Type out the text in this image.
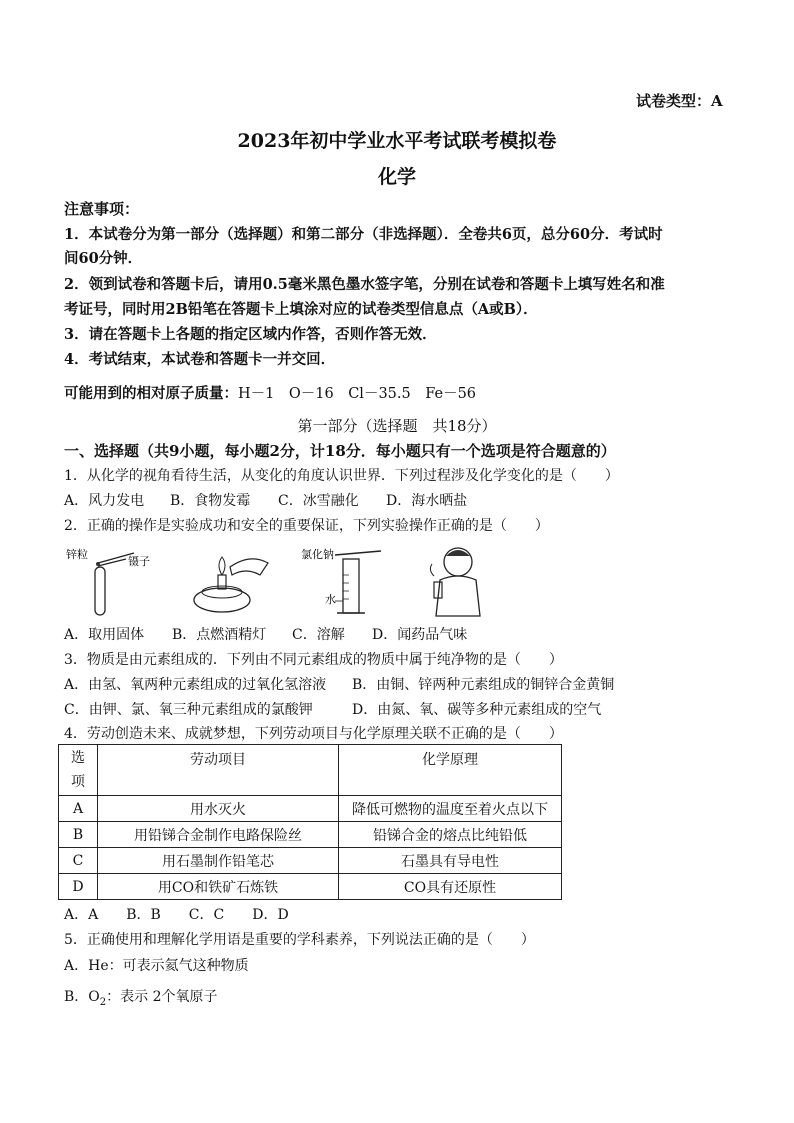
试卷类型：A
2023年初中学业水平考试联考模拟卷
化学
注意事项：
1．本试卷分为第一部分（选择题）和第二部分（非选择题）．全卷共6页，总分60分．考试时
间60分钟．
2．领到试卷和答题卡后，请用0.5毫米黑色墨水签字笔，分别在试卷和答题卡上填写姓名和准
考证号，同时用2B铅笔在答题卡上填涂对应的试卷类型信息点（A或B）．
3．请在答题卡上各题的指定区域内作答，否则作答无效．
4．考试结束，本试卷和答题卡一并交回．
可能用到的相对原子质量：H－1　O－16　Cl－35.5　Fe－56
第一部分（选择题　共18分）
一、选择题（共9小题，每小题2分，计18分．每小题只有一个选项是符合题意的）
1．从化学的视角看待生活，从变化的角度认识世界．下列过程涉及化学变化的是（　　）
A．风力发电 B．食物发霉 C．冰雪融化 D．海水晒盐
2．正确的操作是实验成功和安全的重要保证，下列实验操作正确的是（　　）
锌粒
镊子
氯化钠
水
A．取用固体 B．点燃酒精灯 C．溶解 D．闻药品气味
3．物质是由元素组成的．下列由不同元素组成的物质中属于纯净物的是（　　）
A．由氢、氧两种元素组成的过氧化氢溶液 B．由铜、锌两种元素组成的铜锌合金黄铜
C．由钾、氯、氧三种元素组成的氯酸钾	D．由氮、氧、碳等多种元素组成的空气
4．劳动创造未来、成就梦想，下列劳动项目与化学原理关联不正确的是（　　）
选
项	劳动项目	化学原理
A	用水灭火	降低可燃物的温度至着火点以下
B	用铅锑合金制作电路保险丝	铅锑合金的熔点比纯铅低
C	用石墨制作铅笔芯	石墨具有导电性
D	用CO和铁矿石炼铁	CO具有还原性
A．A　　B．B　　C．C　　D．D
5．正确使用和理解化学用语是重要的学科素养，下列说法正确的是（　　）
A．He：可表示氦气这种物质
B．$O_2$：表示 2个氧原子
